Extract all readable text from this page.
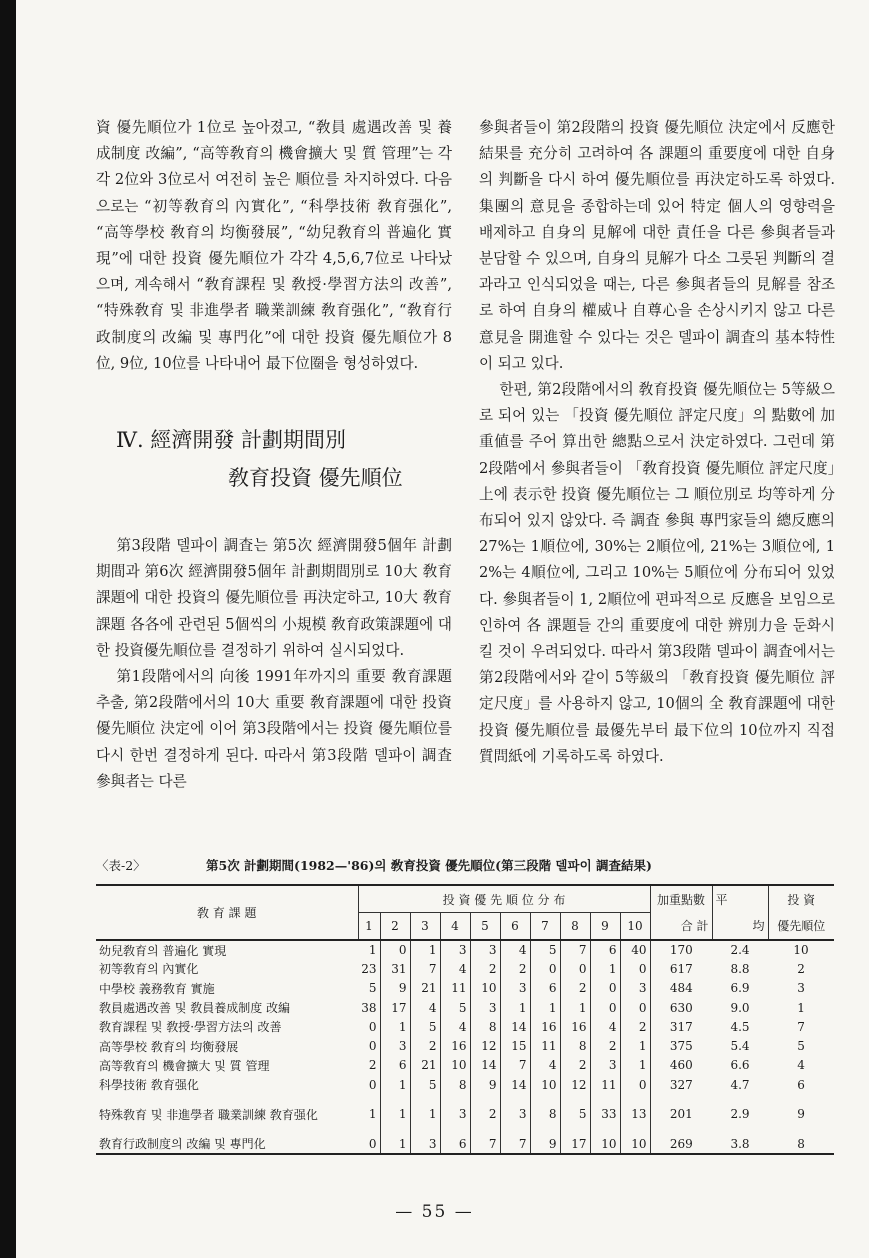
資 優先順位가 1位로 높아졌고, “敎員 處遇改善 및 養成制度 改編”, “高等敎育의 機會擴大 및 質 管理”는 각각 2位와 3位로서 여전히 높은 順位를 차지하였다. 다음으로는 “初等敎育의 內實化”, “科學技術 敎育强化”, “高等學校 敎育의 均衡發展”, “幼兒敎育의 普遍化 實現”에 대한 投資 優先順位가 각각 4,5,6,7位로 나타났으며, 계속해서 “敎育課程 및 敎授·學習方法의 改善”, “特殊敎育 및 非進學者 職業訓練 敎育强化”, “敎育行政制度의 改編 및 專門化”에 대한 投資 優先順位가 8位, 9位, 10位를 나타내어 最下位圈을 형성하였다.

Ⅳ. 經濟開發 計劃期間別
敎育投資 優先順位

第3段階 델파이 調査는 第5次 經濟開發5個年 計劃期間과 第6次 經濟開發5個年 計劃期間別로 10大 敎育課題에 대한 投資의 優先順位를 再決定하고, 10大 敎育課題 各各에 관련된 5個씩의 小規模 敎育政策課題에 대한 投資優先順位를 결정하기 위하여 실시되었다.

第1段階에서의 向後 1991年까지의 重要 敎育課題 추출, 第2段階에서의 10大 重要 敎育課題에 대한 投資 優先順位 決定에 이어 第3段階에서는 投資 優先順位를 다시 한번 결정하게 된다. 따라서 第3段階 델파이 調査 參與者는 다른

參與者들이 第2段階의 投資 優先順位 決定에서 反應한 結果를 充分히 고려하여 各 課題의 重要度에 대한 自身의 判斷을 다시 하여 優先順位를 再決定하도록 하였다. 集團의 意見을 종합하는데 있어 特定 個人의 영향력을 배제하고 自身의 見解에 대한 責任을 다른 參與者들과 분담할 수 있으며, 自身의 見解가 다소 그릇된 判斷의 결과라고 인식되었을 때는, 다른 參與者들의 見解를 참조로 하여 自身의 權威나 自尊心을 손상시키지 않고 다른 意見을 開進할 수 있다는 것은 델파이 調査의 基本特性이 되고 있다.

한편, 第2段階에서의 敎育投資 優先順位는 5等級으로 되어 있는 「投資 優先順位 評定尺度」의 點數에 加重値를 주어 算出한 總點으로서 決定하였다. 그런데 第2段階에서 參與者들이 「敎育投資 優先順位 評定尺度」上에 表示한 投資 優先順位는 그 順位別로 均等하게 分布되어 있지 않았다. 즉 調査 參與 專門家들의 總反應의 27%는 1順位에, 30%는 2順位에, 21%는 3順位에, 12%는 4順位에, 그리고 10%는 5順位에 分布되어 있었다. 參與者들이 1, 2順位에 편파적으로 反應을 보임으로 인하여 各 課題들 간의 重要度에 대한 辨別力을 둔화시킬 것이 우려되었다. 따라서 第3段階 델파이 調査에서는 第2段階에서와 같이 5等級의 「敎育投資 優先順位 評定尺度」를 사용하지 않고, 10個의 全 敎育課題에 대한 投資 優先順位를 最優先부터 最下位의 10位까지 직접 質問紙에 기록하도록 하였다.

〈表-2〉	第5次 計劃期間(1982—'86)의 敎育投資 優先順位(第三段階 델파이 調査結果)
敎 育 課 題	投 資 優 先 順 位 分 布										加重點數	平	投 資
	1	2	3	4	5	6	7	8	9	10	合 計	均	優先順位
幼兒敎育의 普遍化 實現	1	0	1	3	3	4	5	7	6	40	170	2.4	10
初等敎育의 內實化	23	31	7	4	2	2	0	0	1	0	617	8.8	2
中學校 義務敎育 實施	5	9	21	11	10	3	6	2	0	3	484	6.9	3
敎員處遇改善 및 敎員養成制度 改編	38	17	4	5	3	1	1	1	0	0	630	9.0	1
敎育課程 및 敎授·學習方法의 改善	0	1	5	4	8	14	16	16	4	2	317	4.5	7
高等學校 敎育의 均衡發展	0	3	2	16	12	15	11	8	2	1	375	5.4	5
高等敎育의 機會擴大 및 質 管理	2	6	21	10	14	7	4	2	3	1	460	6.6	4
科學技術 敎育强化	0	1	5	8	9	14	10	12	11	0	327	4.7	6
特殊敎育 및 非進學者 職業訓練 敎育强化	1	1	1	3	2	3	8	5	33	13	201	2.9	9
敎育行政制度의 改編 및 專門化	0	1	3	6	7	7	9	17	10	10	269	3.8	8
— 55 —
